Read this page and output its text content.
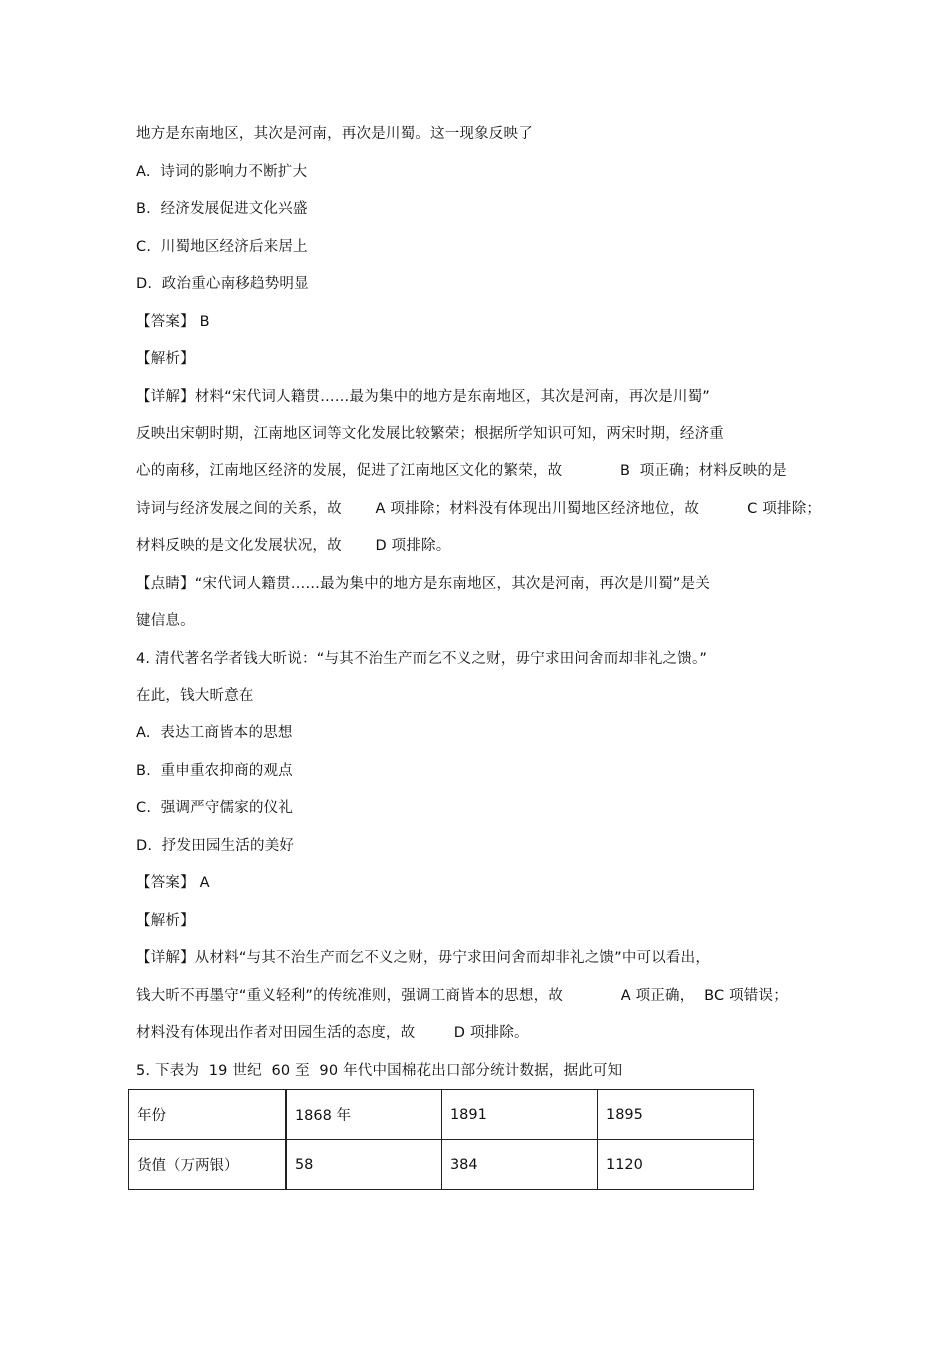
地方是东南地区，其次是河南，再次是川蜀。这一现象反映了
A.  诗词的影响力不断扩大
B.  经济发展促进文化兴盛
C.  川蜀地区经济后来居上
D.  政治重心南移趋势明显
【答案】 B
【解析】
【详解】材料“宋代词人籍贯……最为集中的地方是东南地区，其次是河南，再次是川蜀”
反映出宋朝时期，江南地区词等文化发展比较繁荣；根据所学知识可知，两宋时期，经济重
心的南移，江南地区经济的发展，促进了江南地区文化的繁荣，故            B  项正确；材料反映的是
诗词与经济发展之间的关系，故       A 项排除；材料没有体现出川蜀地区经济地位，故          C 项排除；
材料反映的是文化发展状况，故       D 项排除。
【点睛】“宋代词人籍贯……最为集中的地方是东南地区，其次是河南，再次是川蜀”是关
键信息。
4. 清代著名学者钱大昕说：“与其不治生产而乞不义之财，毋宁求田问舍而却非礼之馈。”
在此，钱大昕意在
A.  表达工商皆本的思想
B.  重申重农抑商的观点
C.  强调严守儒家的仪礼
D.  抒发田园生活的美好
【答案】 A
【解析】
【详解】从材料“与其不治生产而乞不义之财，毋宁求田问舍而却非礼之馈”中可以看出，
钱大昕不再墨守“重义轻利”的传统准则，强调工商皆本的思想，故            A 项正确，  BC 项错误；
材料没有体现出作者对田园生活的态度，故        D 项排除。
5. 下表为  19 世纪  60 至  90 年代中国棉花出口部分统计数据，据此可知
年份	1868 年	1891	1895
货值（万两银）	58	384	1120
